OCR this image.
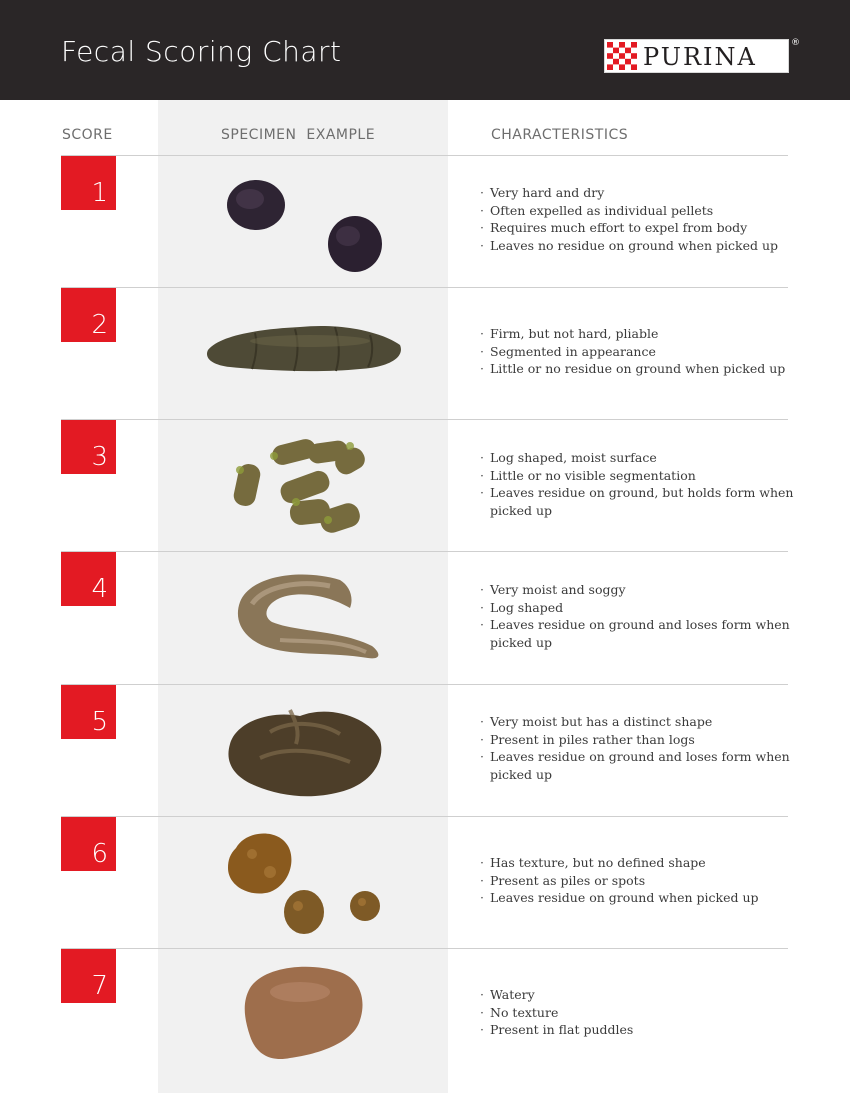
Fecal Scoring Chart	PURINA	®
SCORE	SPECIMEN  EXAMPLE	CHARACTERISTICS
1	· Very hard and dry
· Often expelled as individual pellets
· Requires much effort to expel from body
· Leaves no residue on ground when picked up
2	· Firm, but not hard, pliable
· Segmented in appearance
· Little or no residue on ground when picked up
3	· Log shaped, moist surface
· Little or no visible segmentation
· Leaves residue on ground, but holds form when picked up
4	· Very moist and soggy
· Log shaped
· Leaves residue on ground and loses form when picked up
5	· Very moist but has a distinct shape
· Present in piles rather than logs
· Leaves residue on ground and loses form when picked up
6	· Has texture, but no defined shape
· Present as piles or spots
· Leaves residue on ground when picked up
7	· Watery
· No texture
· Present in flat puddles
